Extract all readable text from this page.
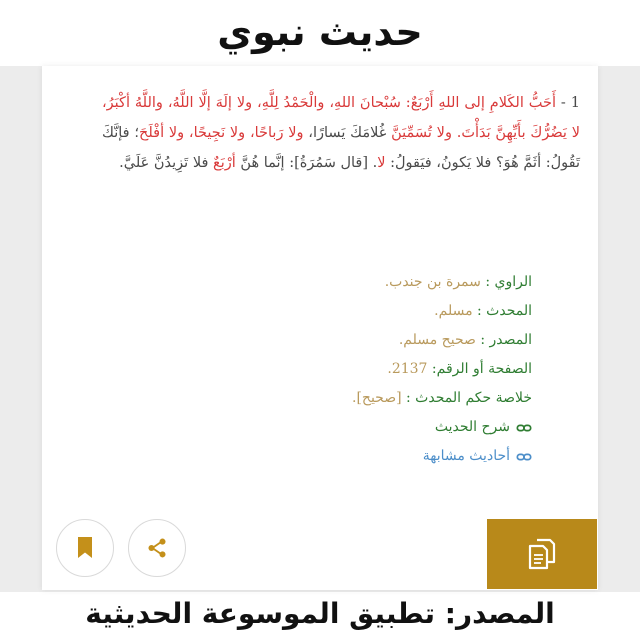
حديث نبوي
1 - أَحَبُّ الكَلامِ إلى اللهِ أَرْبَعٌ: سُبْحانَ اللهِ، والْحَمْدُ لِلَّهِ، ولا إلَهَ إلَّا اللَّهُ، واللَّهُ أكْبَرُ، لا يَضُرُّكَ بأَيِّهِنَّ بَدَأْتَ. ولا تُسَمِّيَنَّ غُلامَكَ يَسارًا، ولا رَباحًا، ولا نَجِيحًا، ولا أفْلَحَ؛ فإنَّكَ تَقُولُ: أثَمَّ هُوَ؟ فلا يَكونُ، فيَقولُ: لا. [قال سَمُرَةُ]: إنَّما هُنَّ أرْبَعٌ فلا تَزِيدُنَّ عَلَيَّ.
الراوي : سمرة بن جندب.
المحدث : مسلم.
المصدر : صحيح مسلم.
الصفحة أو الرقم: 2137.
خلاصة حكم المحدث : [صحيح].
شرح الحديث
أحاديث مشابهة
المصدر: تطبيق الموسوعة الحديثية
